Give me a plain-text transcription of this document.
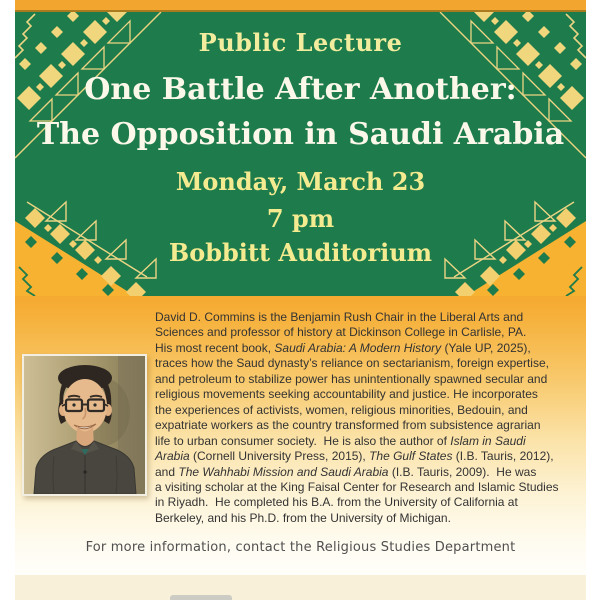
Public Lecture
One Battle After Another:
The Opposition in Saudi Arabia
Monday, March 23
7 pm
Bobbitt Auditorium
David D. Commins is the Benjamin Rush Chair in the Liberal Arts and
Sciences and professor of history at Dickinson College in Carlisle, PA.
His most recent book, Saudi Arabia: A Modern History (Yale UP, 2025),
traces how the Saud dynasty’s reliance on sectarianism, foreign expertise,
and petroleum to stabilize power has unintentionally spawned secular and
religious movements seeking accountability and justice. He incorporates
the experiences of activists, women, religious minorities, Bedouin, and
expatriate workers as the country transformed from subsistence agrarian
life to urban consumer society.  He is also the author of Islam in Saudi
Arabia (Cornell University Press, 2015), The Gulf States (I.B. Tauris, 2012),
and The Wahhabi Mission and Saudi Arabia (I.B. Tauris, 2009).  He was
a visiting scholar at the King Faisal Center for Research and Islamic Studies
in Riyadh.  He completed his B.A. from the University of California at
Berkeley, and his Ph.D. from the University of Michigan.
For more information, contact the Religious Studies Department
